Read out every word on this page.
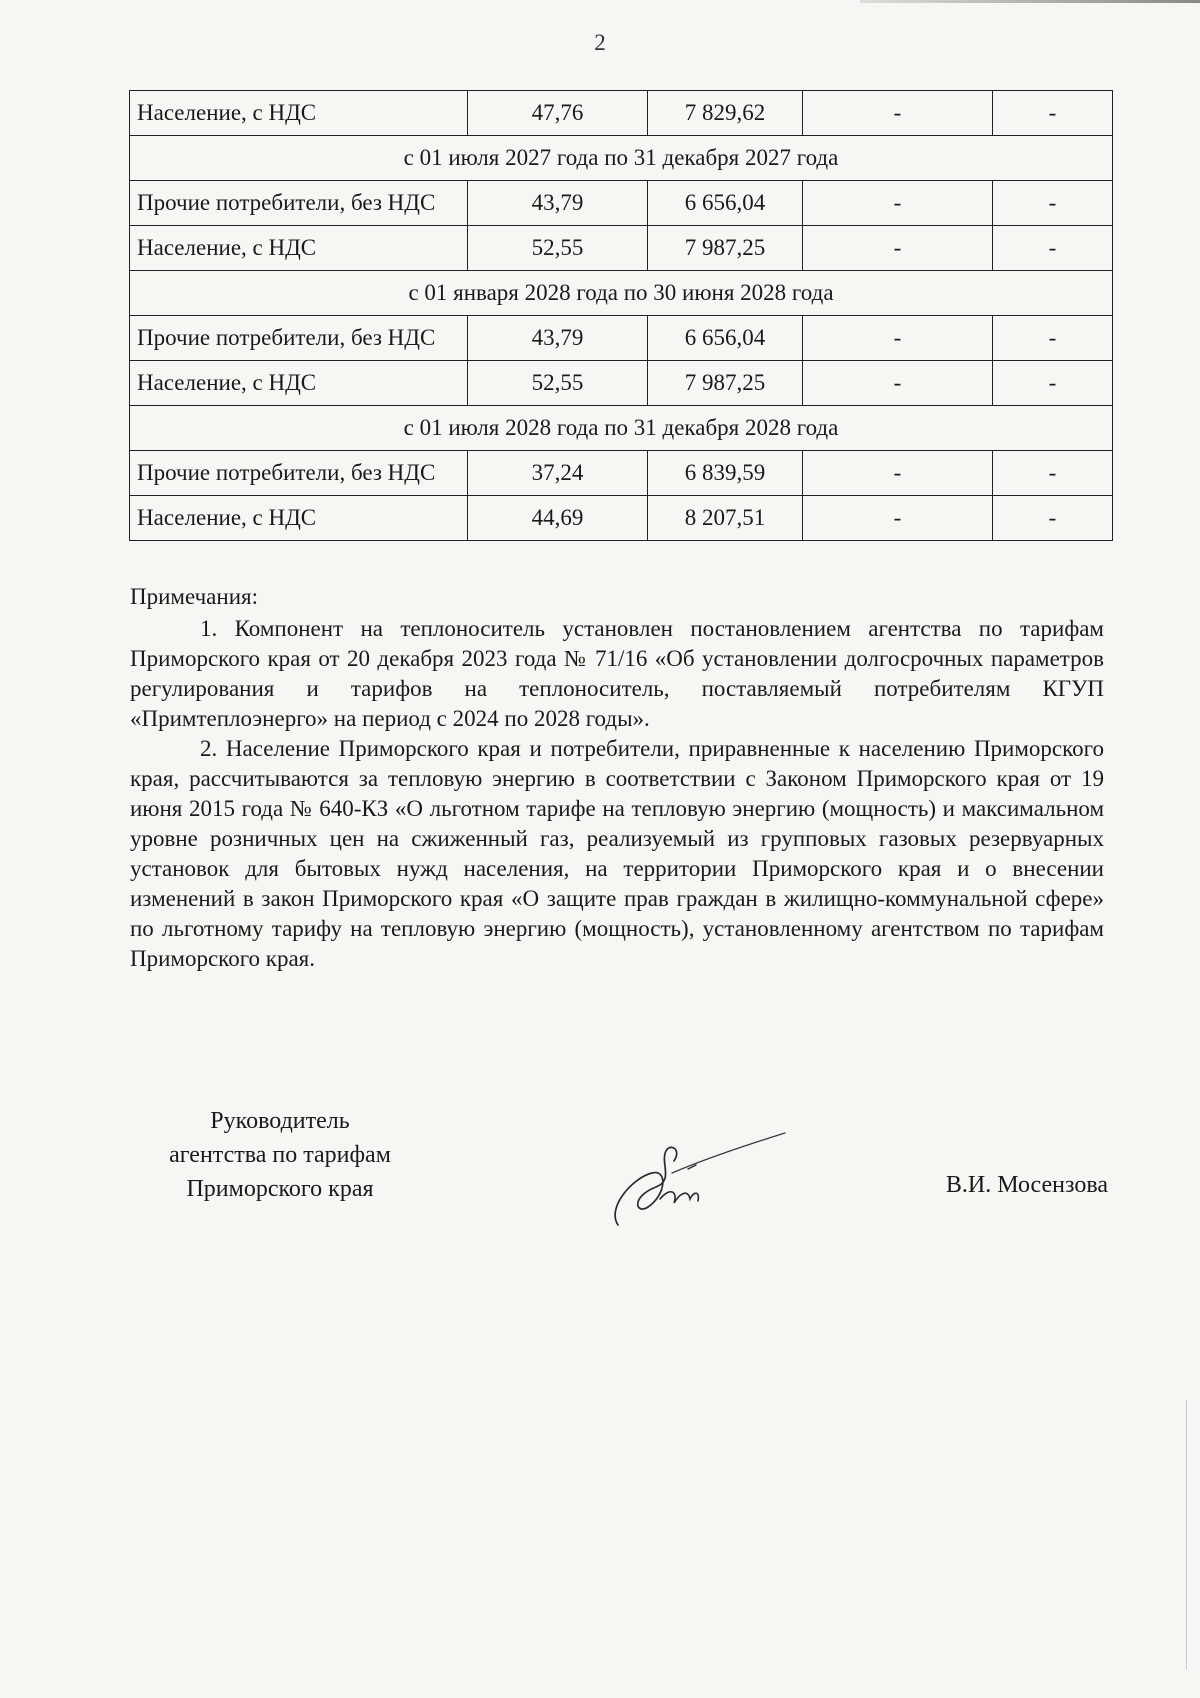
2
Население, с НДС	47,76	7 829,62	-	-
с 01 июля 2027 года по 31 декабря 2027 года				
Прочие потребители, без НДС	43,79	6 656,04	-	-
Население, с НДС	52,55	7 987,25	-	-
с 01 января 2028 года по 30 июня 2028 года				
Прочие потребители, без НДС	43,79	6 656,04	-	-
Население, с НДС	52,55	7 987,25	-	-
с 01 июля 2028 года по 31 декабря 2028 года				
Прочие потребители, без НДС	37,24	6 839,59	-	-
Население, с НДС	44,69	8 207,51	-	-

Примечания:

1. Компонент на теплоноситель установлен постановлением агентства по тарифам Приморского края от 20 декабря 2023 года № 71/16 «Об установлении долгосрочных параметров регулирования и тарифов на теплоноситель, поставляемый потребителям КГУП «Примтеплоэнерго» на период с 2024 по 2028 годы».

2. Население Приморского края и потребители, приравненные к населению Приморского края, рассчитываются за тепловую энергию в соответствии с Законом Приморского края от 19 июня 2015 года № 640-КЗ «О льготном тарифе на тепловую энергию (мощность) и максимальном уровне розничных цен на сжиженный газ, реализуемый из групповых газовых резервуарных установок для бытовых нужд населения, на территории Приморского края и о внесении изменений в закон Приморского края «О защите прав граждан в жилищно-коммунальной сфере» по льготному тарифу на тепловую энергию (мощность), установленному агентством по тарифам Приморского края.

Руководитель
агентства по тарифам
Приморского края	В.И. Мосензова
